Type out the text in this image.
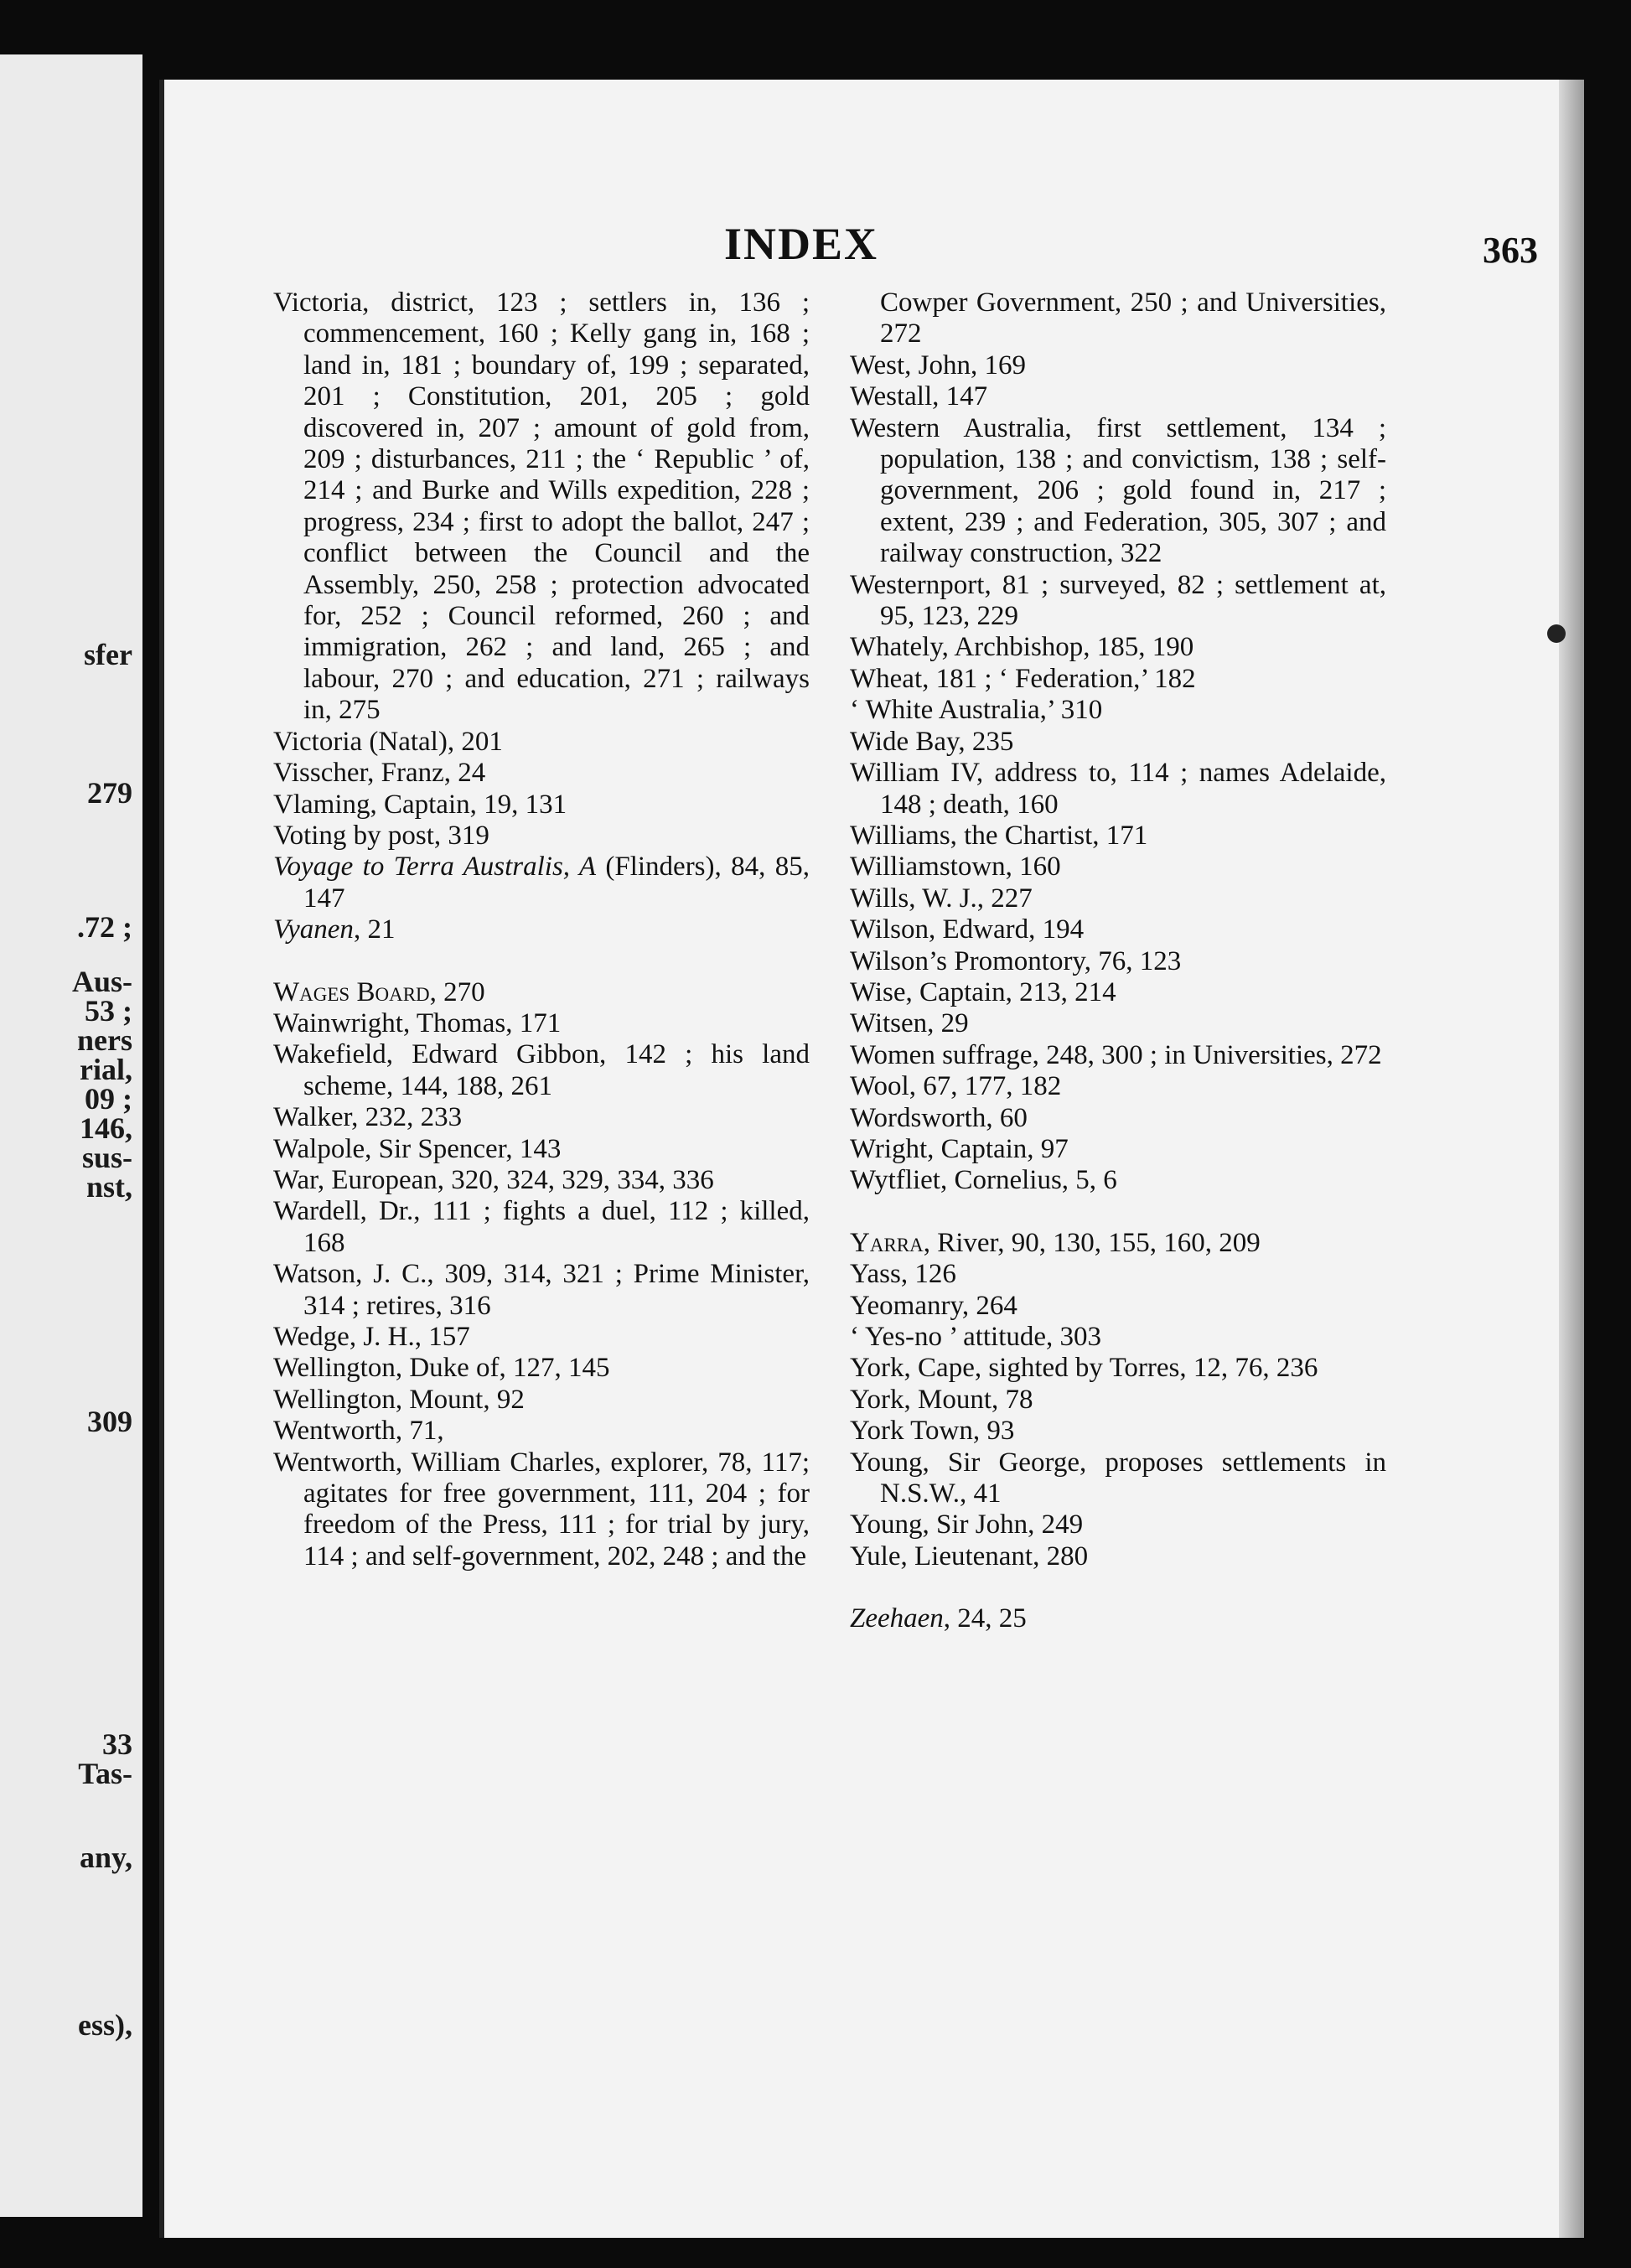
sfer
279
.72 ;
Aus-
53 ;
ners
rial,
09 ;
146,
sus-
nst,
309
33
Tas-
any,
ess),
INDEX	363

Victoria, district, 123 ; settlers in, 136 ; commencement, 160 ; Kelly gang in, 168 ; land in, 181 ; boundary of, 199 ; separated, 201 ; Constitution, 201, 205 ; gold discovered in, 207 ; amount of gold from, 209 ; disturbances, 211 ; the ‘ Republic ’ of, 214 ; and Burke and Wills expedition, 228 ; progress, 234 ; first to adopt the ballot, 247 ; conflict between the Council and the Assembly, 250, 258 ; protection advocated for, 252 ; Council reformed, 260 ; and immigration, 262 ; and land, 265 ; and labour, 270 ; and education, 271 ; railways in, 275

Victoria (Natal), 201

Visscher, Franz, 24

Vlaming, Captain, 19, 131

Voting by post, 319

Voyage to Terra Australis, A (Flinders), 84, 85, 147

Vyanen, 21

Wages Board, 270

Wainwright, Thomas, 171

Wakefield, Edward Gibbon, 142 ; his land scheme, 144, 188, 261

Walker, 232, 233

Walpole, Sir Spencer, 143

War, European, 320, 324, 329, 334, 336

Wardell, Dr., 111 ; fights a duel, 112 ; killed, 168

Watson, J. C., 309, 314, 321 ; Prime Minister, 314 ; retires, 316

Wedge, J. H., 157

Wellington, Duke of, 127, 145

Wellington, Mount, 92

Wentworth, 71,

Wentworth, William Charles, explorer, 78, 117; agitates for free government, 111, 204 ; for freedom of the Press, 111 ; for trial by jury, 114 ; and self-government, 202, 248 ; and the

Cowper Government, 250 ; and Universities, 272

West, John, 169

Westall, 147

Western Australia, first settlement, 134 ; population, 138 ; and convictism, 138 ; self-government, 206 ; gold found in, 217 ; extent, 239 ; and Federation, 305, 307 ; and railway construction, 322

Westernport, 81 ; surveyed, 82 ; settlement at, 95, 123, 229

Whately, Archbishop, 185, 190

Wheat, 181 ; ‘ Federation,’ 182

‘ White Australia,’ 310

Wide Bay, 235

William IV, address to, 114 ; names Adelaide, 148 ; death, 160

Williams, the Chartist, 171

Williamstown, 160

Wills, W. J., 227

Wilson, Edward, 194

Wilson’s Promontory, 76, 123

Wise, Captain, 213, 214

Witsen, 29

Women suffrage, 248, 300 ; in Universities, 272

Wool, 67, 177, 182

Wordsworth, 60

Wright, Captain, 97

Wytfliet, Cornelius, 5, 6

Yarra, River, 90, 130, 155, 160, 209

Yass, 126

Yeomanry, 264

‘ Yes-no ’ attitude, 303

York, Cape, sighted by Torres, 12, 76, 236

York, Mount, 78

York Town, 93

Young, Sir George, proposes settlements in N.S.W., 41

Young, Sir John, 249

Yule, Lieutenant, 280

Zeehaen, 24, 25
